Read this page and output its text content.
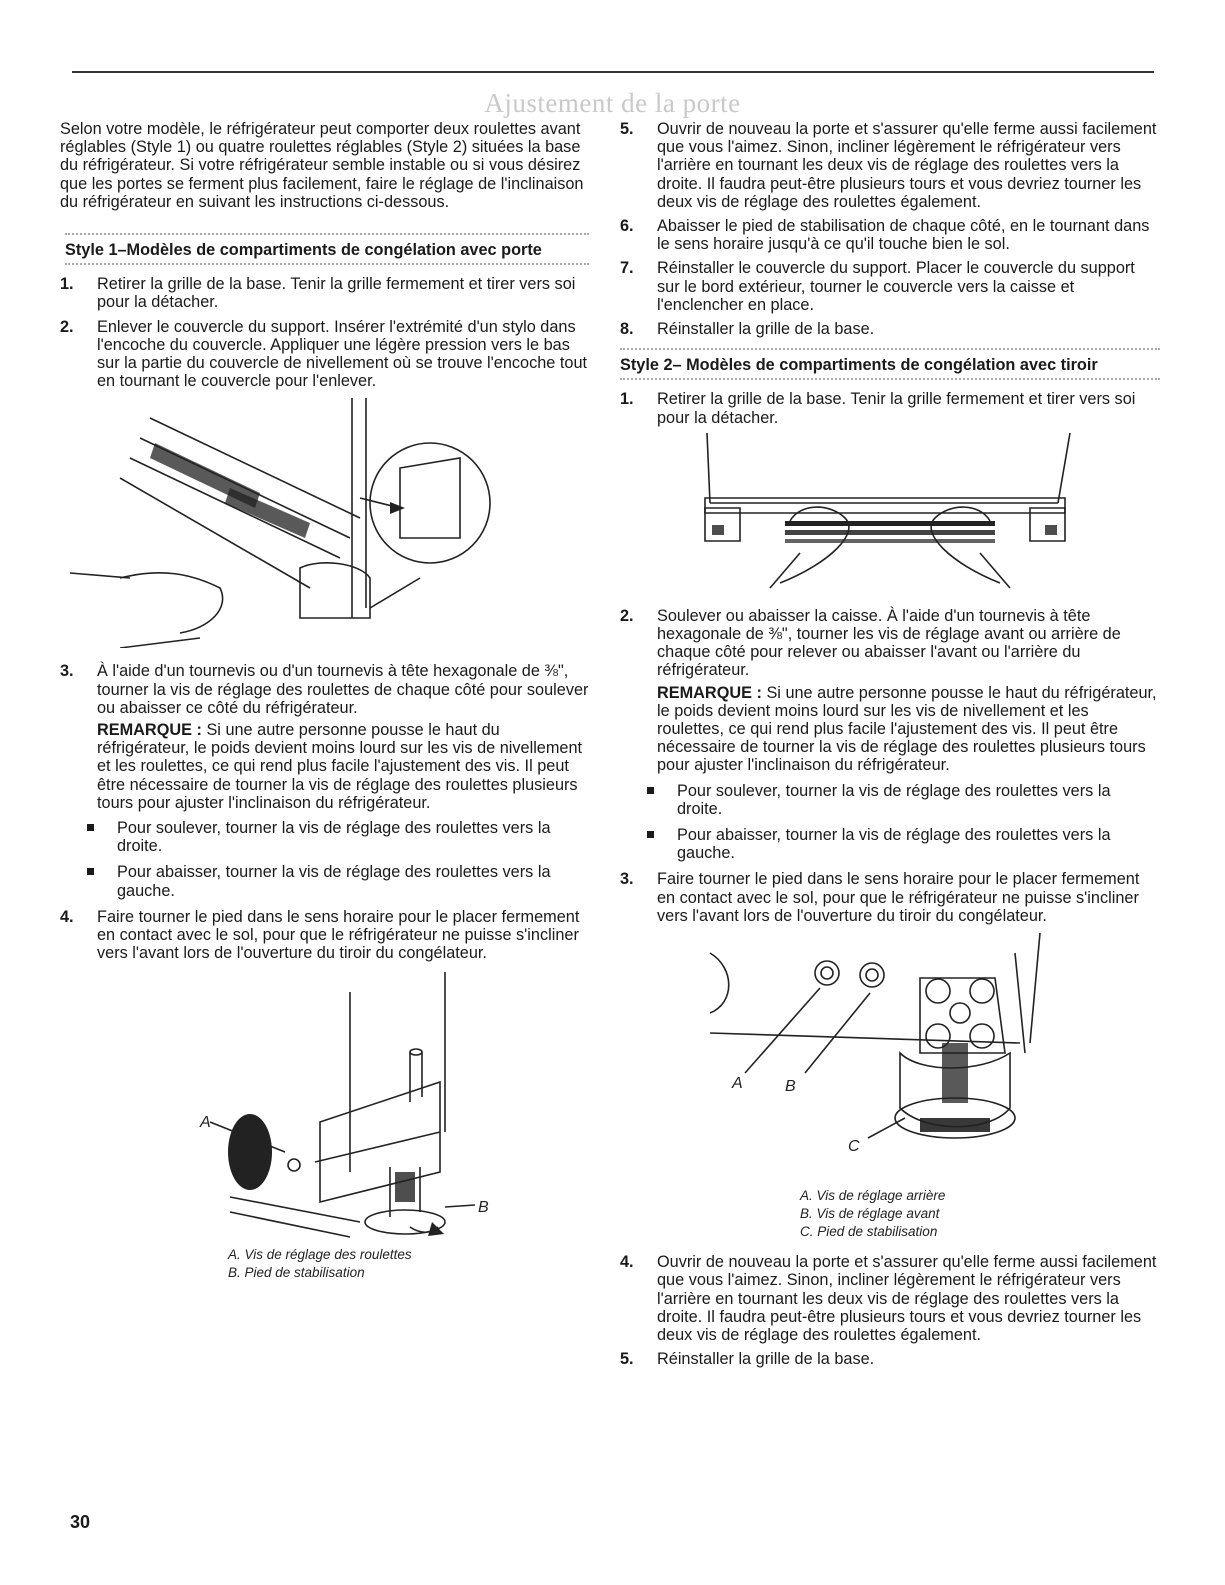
Ajustement de la porte

Selon votre modèle, le réfrigérateur peut comporter deux roulettes avant réglables (Style 1) ou quatre roulettes réglables (Style 2) situées la base du réfrigérateur. Si votre réfrigérateur semble instable ou si vous désirez que les portes se ferment plus facilement, faire le réglage de l'inclinaison du réfrigérateur en suivant les instructions ci-dessous.

Style 1–Modèles de compartiments de congélation avec porte
1. Retirer la grille de la base. Tenir la grille fermement et tirer vers soi pour la détacher.
2. Enlever le couvercle du support. Insérer l'extrémité d'un stylo dans l'encoche du couvercle. Appliquer une légère pression vers le bas sur la partie du couvercle de nivellement où se trouve l'encoche tout en tournant le couvercle pour l'enlever.
3. À l'aide d'un tournevis ou d'un tournevis à tête hexagonale de ⅜", tourner la vis de réglage des roulettes de chaque côté pour soulever ou abaisser ce côté du réfrigérateur.

REMARQUE : Si une autre personne pousse le haut du réfrigérateur, le poids devient moins lourd sur les vis de nivellement et les roulettes, ce qui rend plus facile l'ajustement des vis. Il peut être nécessaire de tourner la vis de réglage des roulettes plusieurs tours pour ajuster l'inclinaison du réfrigérateur.

Pour soulever, tourner la vis de réglage des roulettes vers la droite.
Pour abaisser, tourner la vis de réglage des roulettes vers la gauche.
4. Faire tourner le pied dans le sens horaire pour le placer fermement en contact avec le sol, pour que le réfrigérateur ne puisse s'incliner vers l'avant lors de l'ouverture du tiroir du congélateur.
A
B
A. Vis de réglage des roulettes
B. Pied de stabilisation
5. Ouvrir de nouveau la porte et s'assurer qu'elle ferme aussi facilement que vous l'aimez. Sinon, incliner légèrement le réfrigérateur vers l'arrière en tournant les deux vis de réglage des roulettes vers la droite. Il faudra peut-être plusieurs tours et vous devriez tourner les deux vis de réglage des roulettes également.
6. Abaisser le pied de stabilisation de chaque côté, en le tournant dans le sens horaire jusqu'à ce qu'il touche bien le sol.
7. Réinstaller le couvercle du support. Placer le couvercle du support sur le bord extérieur, tourner le couvercle vers la caisse et l'enclencher en place.
8. Réinstaller la grille de la base.
Style 2– Modèles de compartiments de congélation avec tiroir
1. Retirer la grille de la base. Tenir la grille fermement et tirer vers soi pour la détacher.
2. Soulever ou abaisser la caisse. À l'aide d'un tournevis à tête hexagonale de ⅜", tourner les vis de réglage avant ou arrière de chaque côté pour relever ou abaisser l'avant ou l'arrière du réfrigérateur.

REMARQUE : Si une autre personne pousse le haut du réfrigérateur, le poids devient moins lourd sur les vis de nivellement et les roulettes, ce qui rend plus facile l'ajustement des vis. Il peut être nécessaire de tourner la vis de réglage des roulettes plusieurs tours pour ajuster l'inclinaison du réfrigérateur.

Pour soulever, tourner la vis de réglage des roulettes vers la droite.
Pour abaisser, tourner la vis de réglage des roulettes vers la gauche.
3. Faire tourner le pied dans le sens horaire pour le placer fermement en contact avec le sol, pour que le réfrigérateur ne puisse s'incliner vers l'avant lors de l'ouverture du tiroir du congélateur.
A	B
C
A. Vis de réglage arrière
B. Vis de réglage avant
C. Pied de stabilisation
4. Ouvrir de nouveau la porte et s'assurer qu'elle ferme aussi facilement que vous l'aimez. Sinon, incliner légèrement le réfrigérateur vers l'arrière en tournant les deux vis de réglage des roulettes vers la droite. Il faudra peut-être plusieurs tours et vous devriez tourner les deux vis de réglage des roulettes également.
5. Réinstaller la grille de la base.
30
